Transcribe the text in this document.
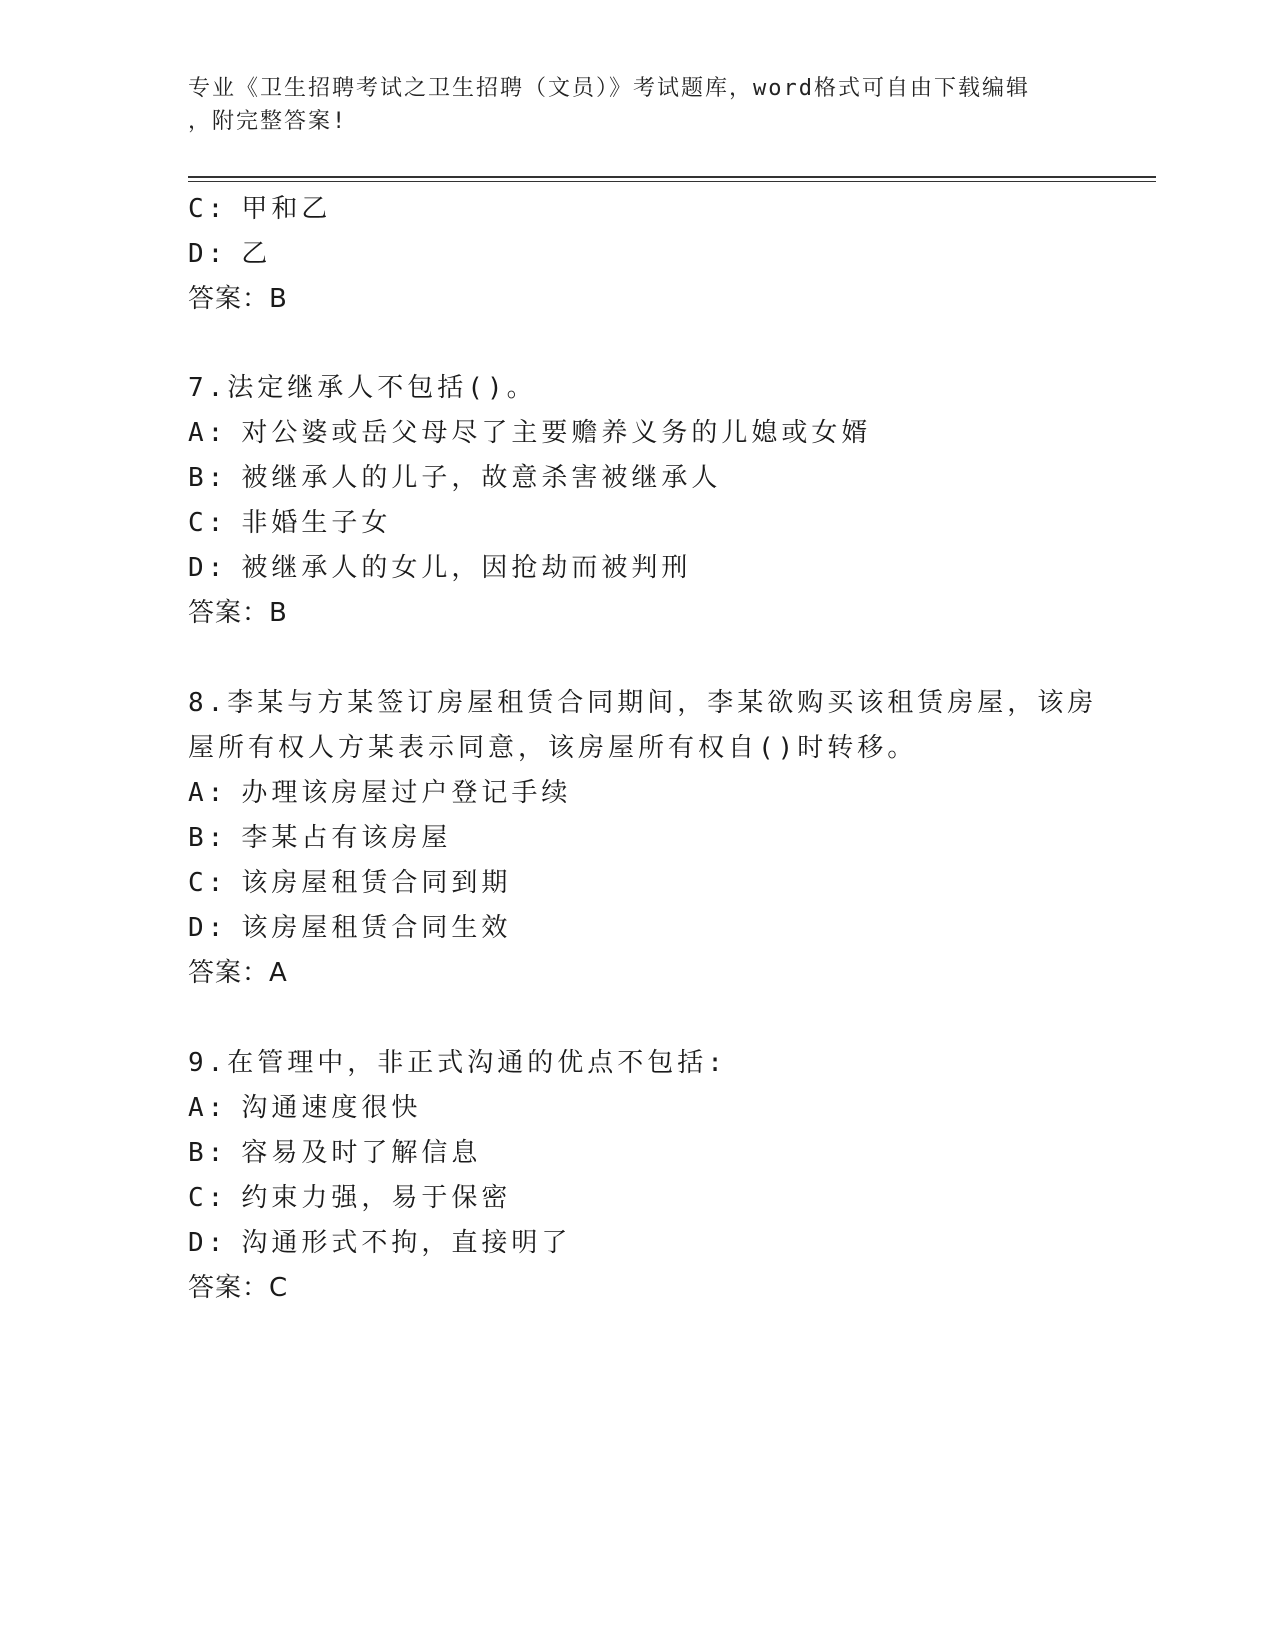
专业《卫生招聘考试之卫生招聘（文员）》考试题库，word格式可自由下载编辑
，附完整答案!
C: 甲和乙
D: 乙
答案：B
7.法定继承人不包括()。
A: 对公婆或岳父母尽了主要赡养义务的儿媳或女婿
B: 被继承人的儿子，故意杀害被继承人
C: 非婚生子女
D: 被继承人的女儿，因抢劫而被判刑
答案：B
8.李某与方某签订房屋租赁合同期间，李某欲购买该租赁房屋，该房
屋所有权人方某表示同意，该房屋所有权自()时转移。
A: 办理该房屋过户登记手续
B: 李某占有该房屋
C: 该房屋租赁合同到期
D: 该房屋租赁合同生效
答案：A
9.在管理中，非正式沟通的优点不包括:
A: 沟通速度很快
B: 容易及时了解信息
C: 约束力强，易于保密
D: 沟通形式不拘，直接明了
答案：C
